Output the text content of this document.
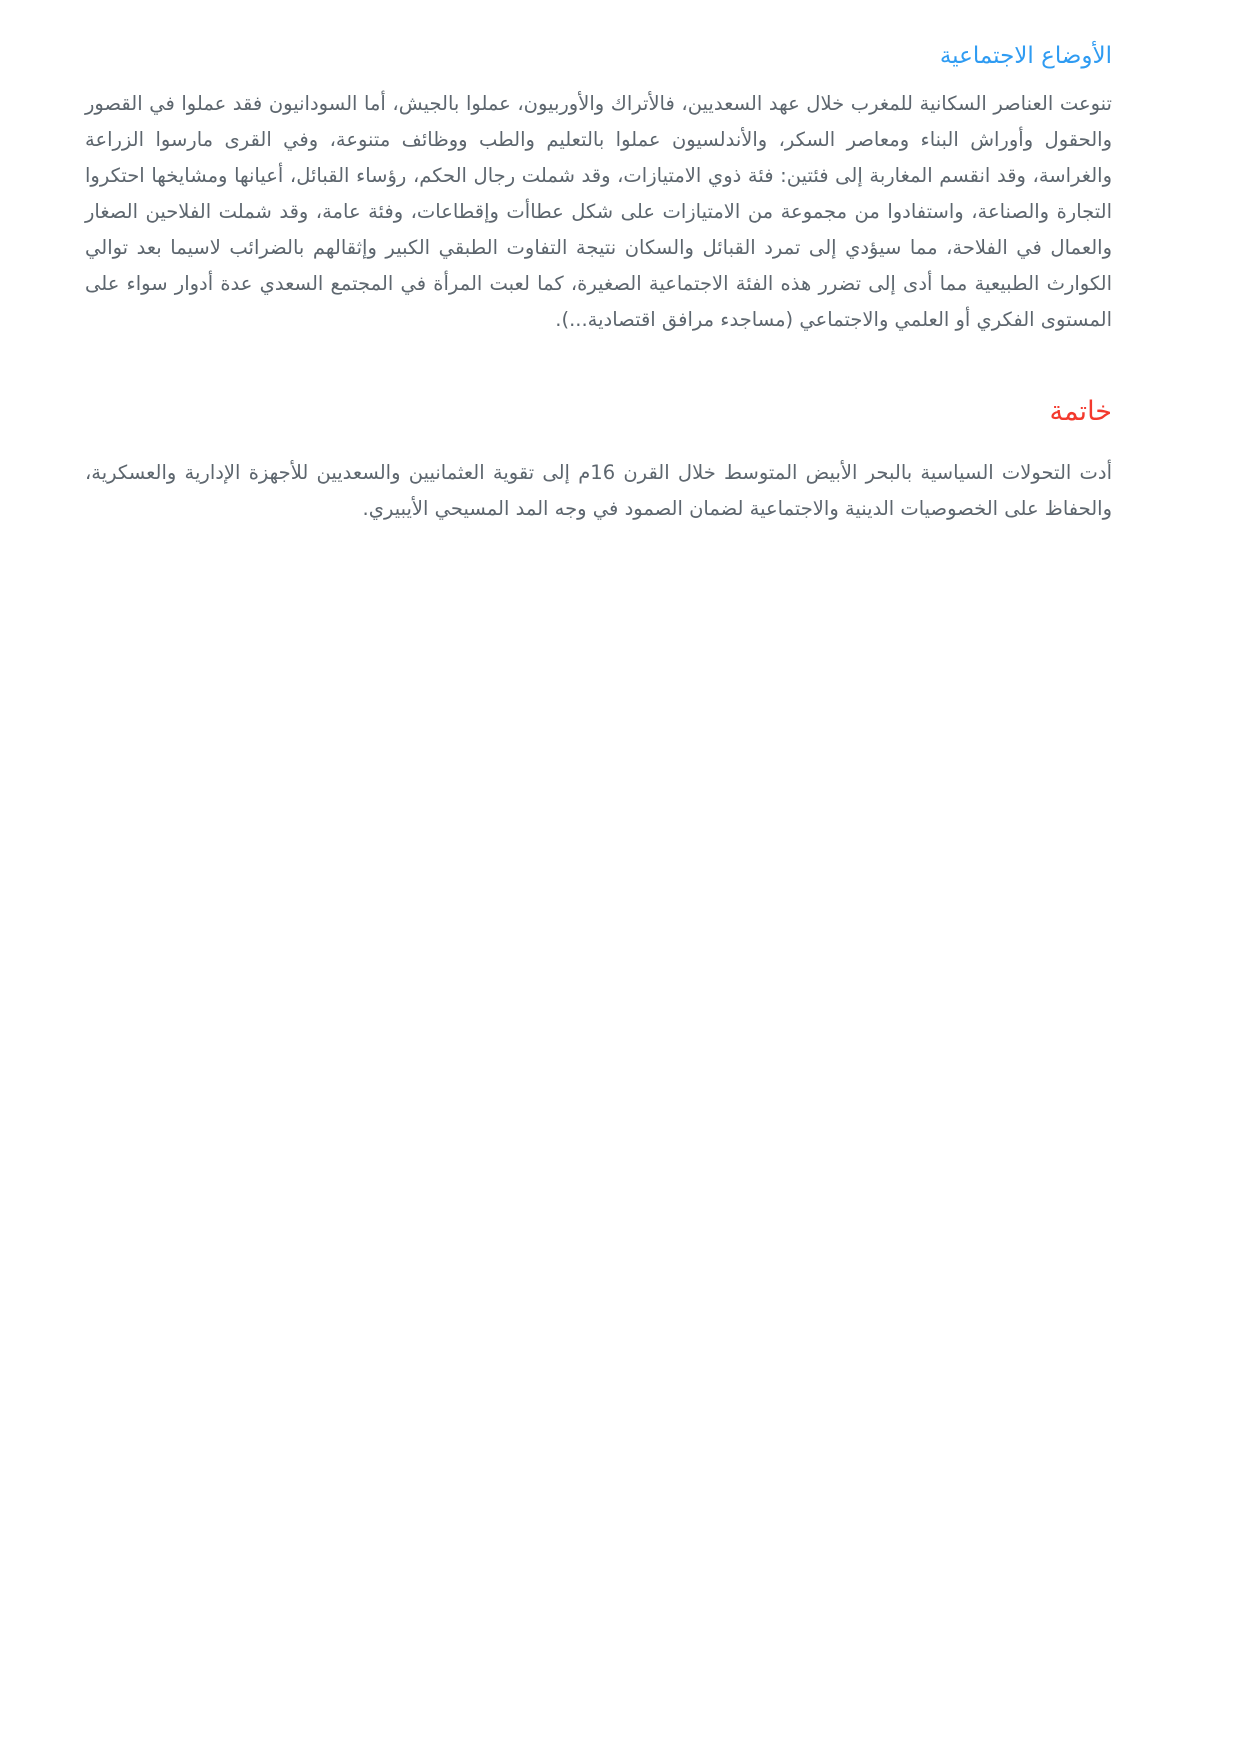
الأوضاع الاجتماعية

تنوعت العناصر السكانية للمغرب خلال عهد السعديين، فالأتراك والأوربيون، عملوا بالجيش، أما السودانيون فقد عملوا في القصور والحقول وأوراش البناء ومعاصر السكر، والأندلسيون عملوا بالتعليم والطب ووظائف متنوعة، وفي القرى مارسوا الزراعة والغراسة، وقد انقسم المغاربة إلى فئتين: فئة ذوي الامتيازات، وقد شملت رجال الحكم، رؤساء القبائل، أعيانها ومشايخها احتكروا التجارة والصناعة، واستفادوا من مجموعة من الامتيازات على شكل عطاأت وإقطاعات، وفئة عامة، وقد شملت الفلاحين الصغار والعمال في الفلاحة، مما سيؤدي إلى تمرد القبائل والسكان نتيجة التفاوت الطبقي الكبير وإثقالهم بالضرائب لاسيما بعد توالي الكوارث الطبيعية مما أدى إلى تضرر هذه الفئة الاجتماعية الصغيرة، كما لعبت المرأة في المجتمع السعدي عدة أدوار سواء على المستوى الفكري أو العلمي والاجتماعي (مساجدء مرافق اقتصادية...).

خاتمة

أدت التحولات السياسية بالبحر الأبيض المتوسط خلال القرن 16م إلى تقوية العثمانيين والسعديين للأجهزة الإدارية والعسكرية، والحفاظ على الخصوصيات الدينية والاجتماعية لضمان الصمود في وجه المد المسيحي الأيبيري.
